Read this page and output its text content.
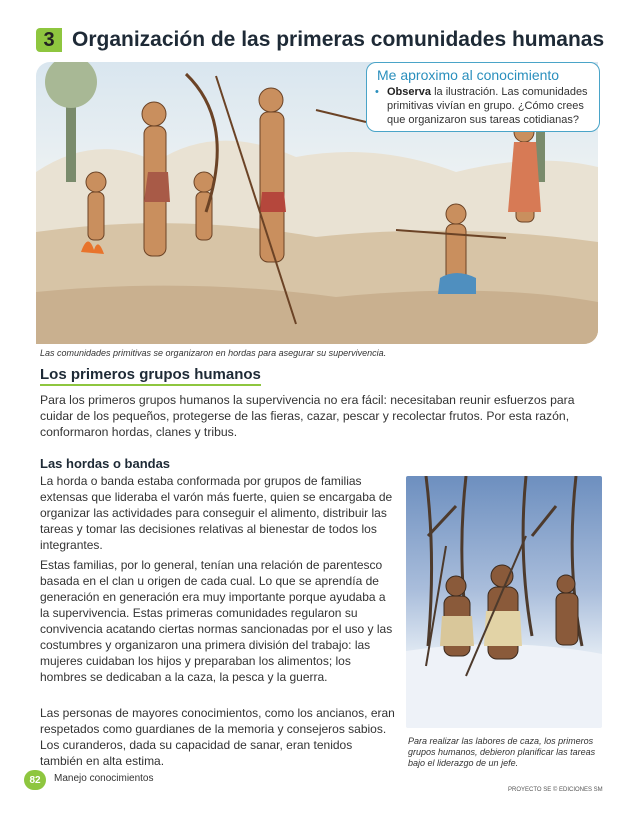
3 Organización de las primeras comunidades humanas
Me aproximo al conocimiento
• Observa la ilustración. Las comunidades primitivas vivían en grupo. ¿Cómo crees que organizaron sus tareas cotidianas?
Las comunidades primitivas se organizaron en hordas para asegurar su supervivencia.
Los primeros grupos humanos
Para los primeros grupos humanos la supervivencia no era fácil: necesitaban reunir esfuerzos para cuidar de los pequeños, protegerse de las fieras, cazar, pescar y recolectar frutos. Por esta razón, conformaron hordas, clanes y tribus.
Las hordas o bandas

La horda o banda estaba conformada por grupos de familias extensas que lideraba el varón más fuerte, quien se encargaba de organizar las actividades para conseguir el alimento, distribuir las tareas y tomar las decisiones relativas al bienestar de todos los integrantes.

Estas familias, por lo general, tenían una relación de parentesco basada en el clan u origen de cada cual. Lo que se aprendía de generación en generación era muy importante porque ayudaba a la supervivencia. Estas primeras comunidades regularon su convivencia acatando ciertas normas sancionadas por el uso y las costumbres y organizaron una primera división del trabajo: las mujeres cuidaban los hijos y preparaban los alimentos; los hombres se dedicaban a la caza, la pesca y la guerra.

Las personas de mayores conocimientos, como los ancianos, eran respetados como guardianes de la memoria y consejeros sabios. Los curanderos, dada su capacidad de sanar, eran tenidos también en alta estima.

Para realizar las labores de caza, los primeros grupos humanos, debieron planificar las tareas bajo el liderazgo de un jefe.
82	Manejo conocimientos
PROYECTO SE © EDICIONES SM
